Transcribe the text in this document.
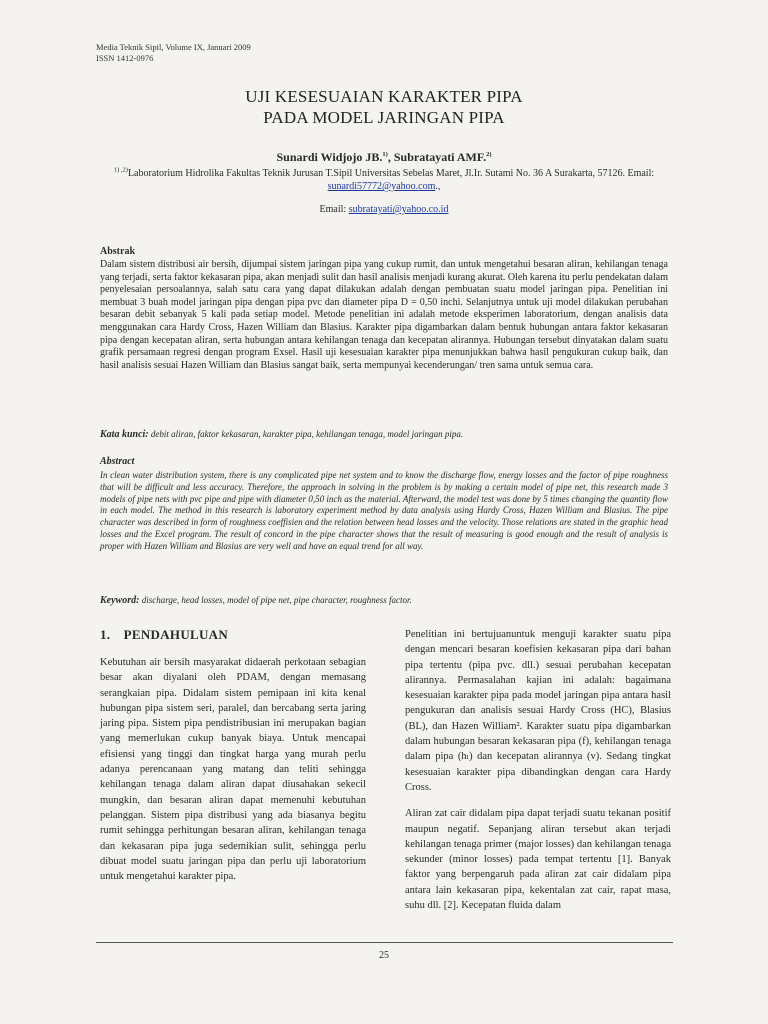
Media Teknik Sipil, Volume IX, Januari 2009
ISSN 1412-0976
UJI KESESUAIAN KARAKTER PIPA
PADA MODEL JARINGAN PIPA
Sunardi Widjojo JB.$^{1)}$, Subratayati AMF.$^{2)}$
$^{1) ,2)}$Laboratorium Hidrolika Fakultas Teknik Jurusan T.Sipil Universitas Sebelas Maret, Jl.Ir. Sutami No. 36 A Surakarta, 57126. Email: sunardi57772@yahoo.com.,
Email: subratayati@yahoo.co.id
Abstrak
Dalam sistem distribusi air bersih, dijumpai sistem jaringan pipa yang cukup rumit, dan untuk mengetahui besaran aliran, kehilangan tenaga yang terjadi, serta faktor kekasaran pipa, akan menjadi sulit dan hasil analisis menjadi kurang akurat. Oleh karena itu perlu pendekatan dalam penyelesaian persoalannya, salah satu cara yang dapat dilakukan adalah dengan pembuatan suatu model jaringan pipa. Penelitian ini membuat 3 buah model jaringan pipa dengan pipa pvc dan diameter pipa D = 0,50 inchi. Selanjutnya untuk uji model dilakukan perubahan besaran debit sebanyak 5 kali pada setiap model. Metode penelitian ini adalah metode eksperimen laboratorium, dengan analisis data menggunakan cara Hardy Cross, Hazen William dan Blasius. Karakter pipa digambarkan dalam bentuk hubungan antara faktor kekasaran pipa dengan kecepatan aliran, serta hubungan antara kehilangan tenaga dan kecepatan alirannya. Hubungan tersebut dinyatakan dalam suatu grafik persamaan regresi dengan program Exsel. Hasil uji kesesuaian karakter pipa menunjukkan bahwa hasil pengukuran cukup baik, dan hasil analisis sesuai Hazen William dan Blasius sangat baik, serta mempunyai kecenderungan/ tren sama untuk semua cara.
Kata kunci: debit aliran, faktor kekasaran, karakter pipa, kehilangan tenaga, model jaringan pipa.
Abstract
In clean water distribution system, there is any complicated pipe net system and to know the discharge flow, energy losses and the factor of pipe roughness that will be difficult and less accuracy. Therefore, the approach in solving in the problem is by making a certain model of pipe net, this research made 3 models of pipe nets with pvc pipe and pipe with diameter 0,50 inch as the material. Afterward, the model test was done by 5 times changing the quantity flow in each model. The method in this research is laboratory experiment method by data analysis using Hardy Cross, Hazen William and Blasius. The pipe character was described in form of roughness coeffisien and the relation between head losses and the velocity. Those relations are stated in the graphic head losses and the Excel program. The result of concord in the pipe character shows that the result of measuring is good enough and the result of analysis is proper with Hazen William and Blasius are very well and have an equal trend for all way.
Keyword: discharge, head losses, model of pipe net, pipe character, roughness factor.
1. PENDAHULUAN

Kebutuhan air bersih masyarakat didaerah perkotaan sebagian besar akan diyalani oleh PDAM, dengan memasang serangkaian pipa. Didalam sistem pemipaan ini kita kenal hubungan pipa sistem seri, paralel, dan bercabang serta jaring jaring pipa. Sistem pipa pendistribusian ini merupakan bagian yang memerlukan cukup banyak biaya. Untuk mencapai efisiensi yang tinggi dan tingkat harga yang murah perlu adanya perencanaan yang matang dan teliti sehingga kehilangan tenaga dalam aliran dapat diusahakan sekecil mungkin, dan besaran aliran dapat memenuhi kebutuhan pelanggan. Sistem pipa distribusi yang ada biasanya begitu rumit sehingga perhitungan besaran aliran, kehilangan tenaga dan kekasaran pipa juga sedemikian sulit, sehingga perlu dibuat model suatu jaringan pipa dan perlu uji laboratorium untuk mengetahui karakter pipa.

Penelitian ini bertujuanuntuk menguji karakter suatu pipa dengan mencari besaran koefisien kekasaran pipa dari bahan pipa tertentu (pipa pvc. dll.) sesuai perubahan kecepatan alirannya. Permasalahan kajian ini adalah: bagaimana kesesuaian karakter pipa pada model jaringan pipa antara hasil pengukuran dan analisis sesuai Hardy Cross (HC), Blasius (BL), dan Hazen William². Karakter suatu pipa digambarkan dalam hubungan besaran kekasaran pipa (f), kehilangan tenaga dalam pipa (hₗ) dan kecepatan alirannya (v). Sedang tingkat kesesuaian karakter pipa dibandingkan dengan cara Hardy Cross.

Aliran zat cair didalam pipa dapat terjadi suatu tekanan positif maupun negatif. Sepanjang aliran tersebut akan terjadi kehilangan tenaga primer (major losses) dan kehilangan tenaga sekunder (minor losses) pada tempat tertentu [1]. Banyak faktor yang berpengaruh pada aliran zat cair didalam pipa antara lain kekasaran pipa, kekentalan zat cair, rapat masa, suhu dll. [2]. Kecepatan fluida dalam

25
